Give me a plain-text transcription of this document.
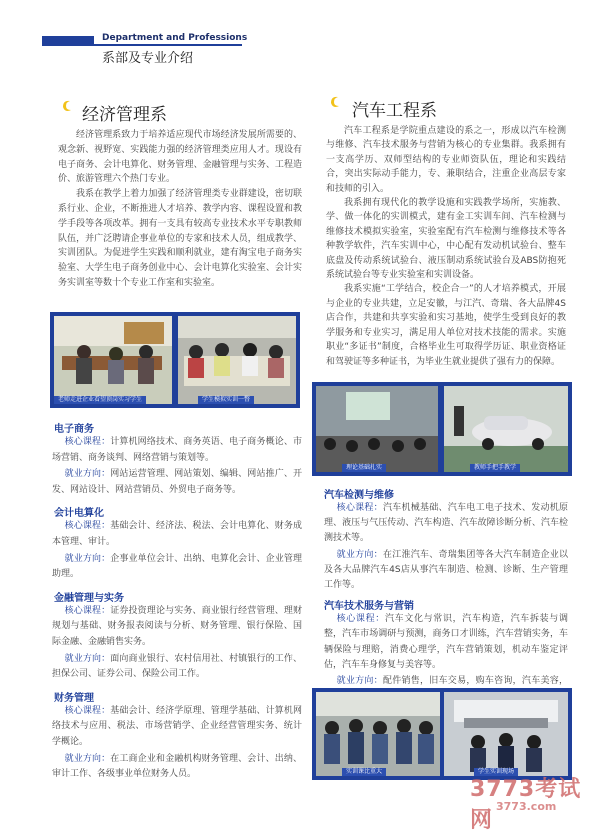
Department and Professions
系部及专业介绍
经济管理系

经济管理系致力于培养适应现代市场经济发展所需要的、观念新、视野宽、实践能力强的经济管理类应用人才。现设有电子商务、会计电算化、财务管理、金融管理与实务、工程造价、旅游管理六个热门专业。

我系在教学上着力加强了经济管理类专业群建设，密切联系行业、企业，不断推进人才培养、教学内容、课程设置和教学手段等各项改革。拥有一支具有较高专业技术水平专职教师队伍，并广泛聘请企事业单位的专家和技术人员，组成教学、实训团队。为促进学生实践和顺利就业，建有淘宝电子商务实验室、大学生电子商务创业中心、会计电算化实验室、会计实务实训室等数十个专业工作室和实验室。

老师走进企业看望顶岗实习学生	学生模拟实训一瞥
电子商务

核心课程：计算机网络技术、商务英语、电子商务概论、市场营销、商务谈判、网络营销与策划等。

就业方向：网站运营管理、网站策划、编辑、网站推广、开发、网站设计、网站营销员、外贸电子商务等。

会计电算化

核心课程：基础会计、经济法、税法、会计电算化、财务成本管理、审计。

就业方向：企事业单位会计、出纳、电算化会计、企业管理助理。

金融管理与实务

核心课程：证券投资理论与实务、商业银行经营管理、理财规划与基础、财务报表阅读与分析、财务管理、银行保险、国际金融、金融销售实务。

就业方向：面向商业银行、农村信用社、村镇银行的工作、担保公司、证券公司、保险公司工作。

财务管理

核心课程：基础会计、经济学原理、管理学基础、计算机网络技术与应用、税法、市场营销学、企业经营管理实务、统计学概论。

就业方向：在工商企业和金融机构财务管理、会计、出纳、审计工作、各级事业单位财务人员。

汽车工程系

汽车工程系是学院重点建设的系之一，形成以汽车检测与维修、汽车技术服务与营销为核心的专业集群。我系拥有一支高学历、双师型结构的专业师资队伍，理论和实践结合，突出实际动手能力，专、兼职结合，注重企业高层专家和技师的引入。

我系拥有现代化的教学设施和实践教学场所，实施教、学、做一体化的实训模式，建有金工实训车间、汽车检测与维修技术模拟实验室，实验室配有汽车检测与维修技术等各种教学软件，汽车实训中心，中心配有发动机试验台、整车底盘及传动系统试验台、液压制动系统试验台及ABS防抱死系统试验台等专业实验室和实训设备。

我系实施“工学结合，校企合一”的人才培养模式，开展与企业的专业共建，立足安徽，与江汽、奇瑞、各大品牌4S店合作，共建和共享实验和实习基地，使学生受到良好的教学服务和专业实习，满足用人单位对技术技能的需求。实施职业“多证书”制度，合格毕业生可取得学历证、职业资格证和驾驶证等多种证书，为毕业生就业提供了强有力的保障。

理论基础扎实	教师手把手教学
汽车检测与维修

核心课程：汽车机械基础、汽车电工电子技术、发动机原理、液压与气压传动、汽车构造、汽车故障诊断分析、汽车检测技术等。

就业方向：在江淮汽车、奇瑞集团等各大汽车制造企业以及各大品牌汽车4S店从事汽车制造、检测、诊断、生产管理工作等。

汽车技术服务与营销

核心课程：汽车文化与常识，汽车构造，汽车拆装与调整，汽车市场调研与预测，商务口才训练，汽车营销实务，车辆保险与理赔，消费心理学，汽车营销策划，机动车鉴定评估，汽车车身修复与美容等。

就业方向：配件销售，旧车交易，购车咨询，汽车美容，

实训课比重大	学生实训现场
3773考试网
3773.com
